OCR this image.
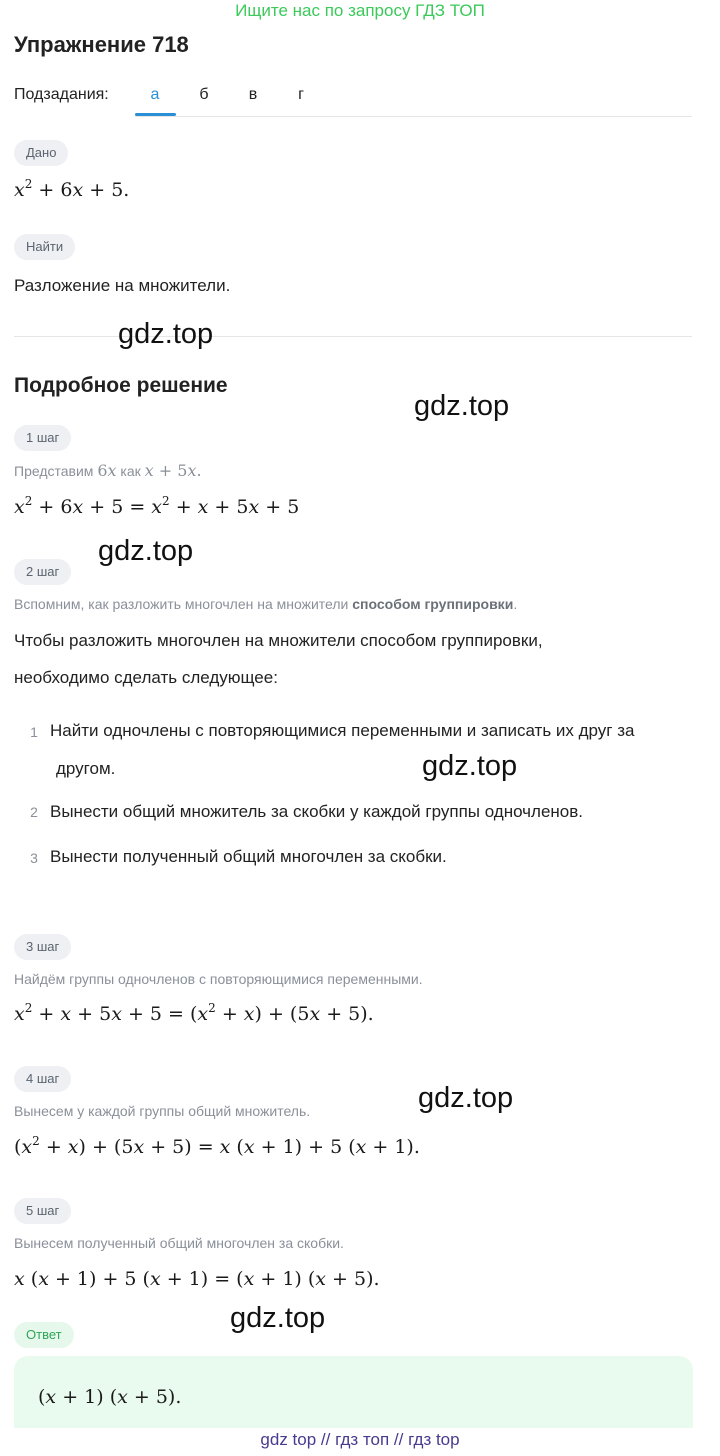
Ищите нас по запросу ГДЗ ТОП
Упражнение 718
Подзадания:	а	б	в	г
Дано
$x^2 + 6x + 5$.
Найти
Разложение на множители.
gdz.top
Подробное решение
gdz.top
1 шаг
Представим 6x как x + 5x.
$x^2 + 6x + 5 = x^2 + x + 5x + 5$
gdz.top
2 шаг
Вспомним, как разложить многочлен на множители способом группировки.
Чтобы разложить многочлен на множители способом группировки,
необходимо сделать следующее:
1 Найти одночлены с повторяющимися переменными и записать их друг за
другом.	gdz.top
2 Вынести общий множитель за скобки у каждой группы одночленов.
3 Вынести полученный общий многочлен за скобки.
3 шаг
Найдём группы одночленов с повторяющимися переменными.
$x^2 + x + 5x + 5 = (x^2 + x) + (5x + 5)$.
4 шаг
gdz.top
Вынесем у каждой группы общий множитель.
$(x^2 + x) + (5x + 5) = x$ (x + 1) + 5 (x + 1).
5 шаг
Вынесем полученный общий многочлен за скобки.
x (x + 1) + 5 (x + 1) = (x + 1) (x + 5).
gdz.top
Ответ
(x + 1) (x + 5).
gdz top // гдз топ // гдз top
